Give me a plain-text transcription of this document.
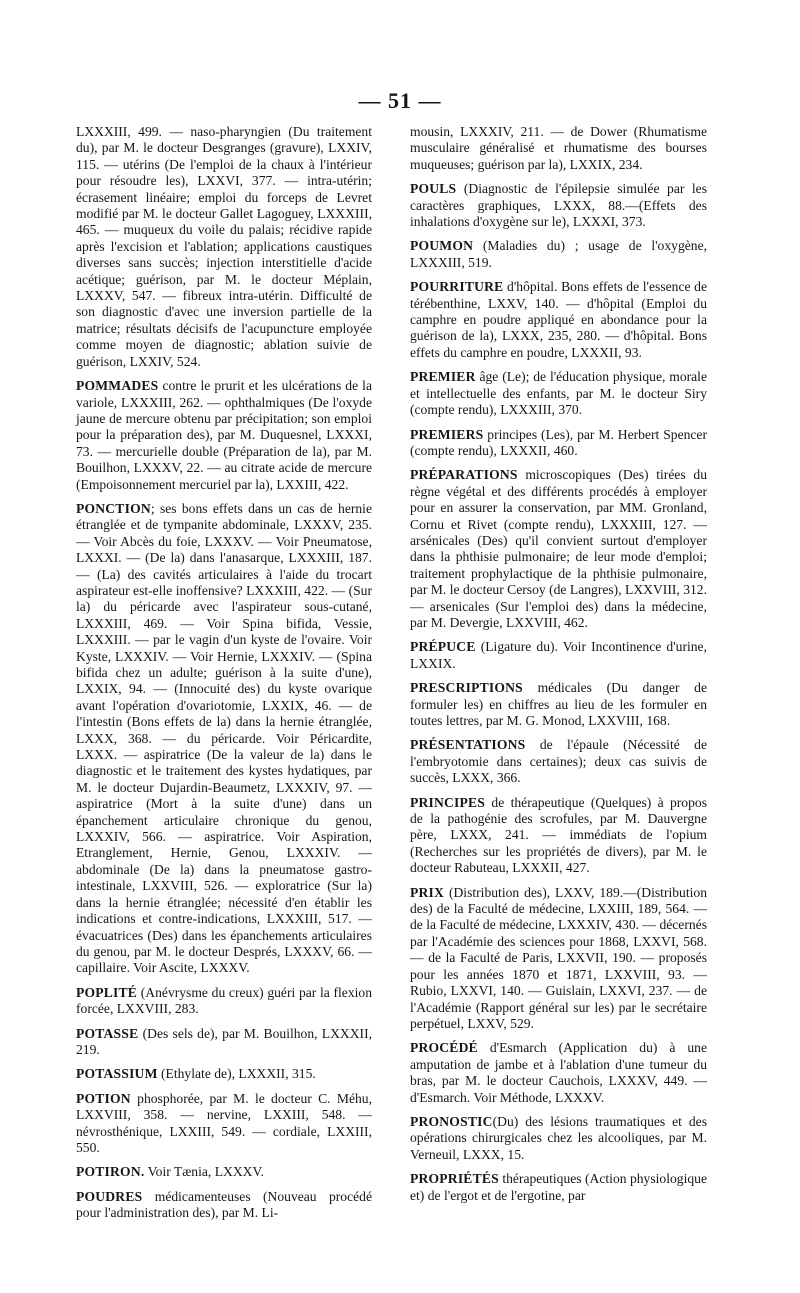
— 51 —

LXXXIII, 499. — naso-pharyngien (Du traitement du), par M. le docteur Desgranges (gravure), LXXIV, 115. — utérins (De l'emploi de la chaux à l'intérieur pour résoudre les), LXXVI, 377. — intra-utérin; écrasement linéaire; emploi du forceps de Levret modifié par M. le docteur Gallet Lagoguey, LXXXIII, 465. — muqueux du voile du palais; récidive rapide après l'excision et l'ablation; applications caustiques diverses sans succès; injection interstitielle d'acide acétique; guérison, par M. le docteur Méplain, LXXXV, 547. — fibreux intra-utérin. Difficulté de son diagnostic d'avec une inversion partielle de la matrice; résultats décisifs de l'acupuncture employée comme moyen de diagnostic; ablation suivie de guérison, LXXIV, 524.

POMMADES contre le prurit et les ulcérations de la variole, LXXXIII, 262. — ophthalmiques (De l'oxyde jaune de mercure obtenu par précipitation; son emploi pour la préparation des), par M. Duquesnel, LXXXI, 73. — mercurielle double (Préparation de la), par M. Bouilhon, LXXXV, 22. — au citrate acide de mercure (Empoisonnement mercuriel par la), LXXIII, 422.

PONCTION; ses bons effets dans un cas de hernie étranglée et de tympanite abdominale, LXXXV, 235. — Voir Abcès du foie, LXXXV. — Voir Pneumatose, LXXXI. — (De la) dans l'anasarque, LXXXIII, 187. — (La) des cavités articulaires à l'aide du trocart aspirateur est-elle inoffensive? LXXXIII, 422. — (Sur la) du péricarde avec l'aspirateur sous-cutané, LXXXIII, 469. — Voir Spina bifida, Vessie, LXXXIII. — par le vagin d'un kyste de l'ovaire. Voir Kyste, LXXXIV. — Voir Hernie, LXXXIV. — (Spina bifida chez un adulte; guérison à la suite d'une), LXXIX, 94. — (Innocuité des) du kyste ovarique avant l'opération d'ovariotomie, LXXIX, 46. — de l'intestin (Bons effets de la) dans la hernie étranglée, LXXX, 368. — du péricarde. Voir Péricardite, LXXX. — aspiratrice (De la valeur de la) dans le diagnostic et le traitement des kystes hydatiques, par M. le docteur Dujardin-Beaumetz, LXXXIV, 97. — aspiratrice (Mort à la suite d'une) dans un épanchement articulaire chronique du genou, LXXXIV, 566. — aspiratrice. Voir Aspiration, Etranglement, Hernie, Genou, LXXXIV. — abdominale (De la) dans la pneumatose gastro-intestinale, LXXVIII, 526. — exploratrice (Sur la) dans la hernie étranglée; nécessité d'en établir les indications et contre-indications, LXXXIII, 517. — évacuatrices (Des) dans les épanchements articulaires du genou, par M. le docteur Després, LXXXV, 66. — capillaire. Voir Ascite, LXXXV.

POPLITÉ (Anévrysme du creux) guéri par la flexion forcée, LXXVIII, 283.

POTASSE (Des sels de), par M. Bouilhon, LXXXII, 219.

POTASSIUM (Ethylate de), LXXXII, 315.

POTION phosphorée, par M. le docteur C. Méhu, LXXVIII, 358. — nervine, LXXIII, 548. — névrosthénique, LXXIII, 549. — cordiale, LXXIII, 550.

POTIRON. Voir Tænia, LXXXV.

POUDRES médicamenteuses (Nouveau procédé pour l'administration des), par M. Li-

mousin, LXXXIV, 211. — de Dower (Rhumatisme musculaire généralisé et rhumatisme des bourses muqueuses; guérison par la), LXXIX, 234.

POULS (Diagnostic de l'épilepsie simulée par les caractères graphiques, LXXX, 88.—(Effets des inhalations d'oxygène sur le), LXXXI, 373.

POUMON (Maladies du) ; usage de l'oxygène, LXXXIII, 519.

POURRITURE d'hôpital. Bons effets de l'essence de térébenthine, LXXV, 140. — d'hôpital (Emploi du camphre en poudre appliqué en abondance pour la guérison de la), LXXX, 235, 280. — d'hôpital. Bons effets du camphre en poudre, LXXXII, 93.

PREMIER âge (Le); de l'éducation physique, morale et intellectuelle des enfants, par M. le docteur Siry (compte rendu), LXXXIII, 370.

PREMIERS principes (Les), par M. Herbert Spencer (compte rendu), LXXXII, 460.

PRÉPARATIONS microscopiques (Des) tirées du règne végétal et des différents procédés à employer pour en assurer la conservation, par MM. Gronland, Cornu et Rivet (compte rendu), LXXXIII, 127. — arsénicales (Des) qu'il convient surtout d'employer dans la phthisie pulmonaire; de leur mode d'emploi; traitement prophylactique de la phthisie pulmonaire, par M. le docteur Cersoy (de Langres), LXXVIII, 312. — arsenicales (Sur l'emploi des) dans la médecine, par M. Devergie, LXXVIII, 462.

PRÉPUCE (Ligature du). Voir Incontinence d'urine, LXXIX.

PRESCRIPTIONS médicales (Du danger de formuler les) en chiffres au lieu de les formuler en toutes lettres, par M. G. Monod, LXXVIII, 168.

PRÉSENTATIONS de l'épaule (Nécessité de l'embryotomie dans certaines); deux cas suivis de succès, LXXX, 366.

PRINCIPES de thérapeutique (Quelques) à propos de la pathogénie des scrofules, par M. Dauvergne père, LXXX, 241. — immédiats de l'opium (Recherches sur les propriétés de divers), par M. le docteur Rabuteau, LXXXII, 427.

PRIX (Distribution des), LXXV, 189.—(Distribution des) de la Faculté de médecine, LXXIII, 189, 564. — de la Faculté de médecine, LXXXIV, 430. — décernés par l'Académie des sciences pour 1868, LXXVI, 568.— de la Faculté de Paris, LXXVII, 190. — proposés pour les années 1870 et 1871, LXXVIII, 93. — Rubio, LXXVI, 140. — Guislain, LXXVI, 237. — de l'Académie (Rapport général sur les) par le secrétaire perpétuel, LXXV, 529.

PROCÉDÉ d'Esmarch (Application du) à une amputation de jambe et à l'ablation d'une tumeur du bras, par M. le docteur Cauchois, LXXXV, 449. — d'Esmarch. Voir Méthode, LXXXV.

PRONOSTIC(Du) des lésions traumatiques et des opérations chirurgicales chez les alcooliques, par M. Verneuil, LXXX, 15.

PROPRIÉTÉS thérapeutiques (Action physiologique et) de l'ergot et de l'ergotine, par
